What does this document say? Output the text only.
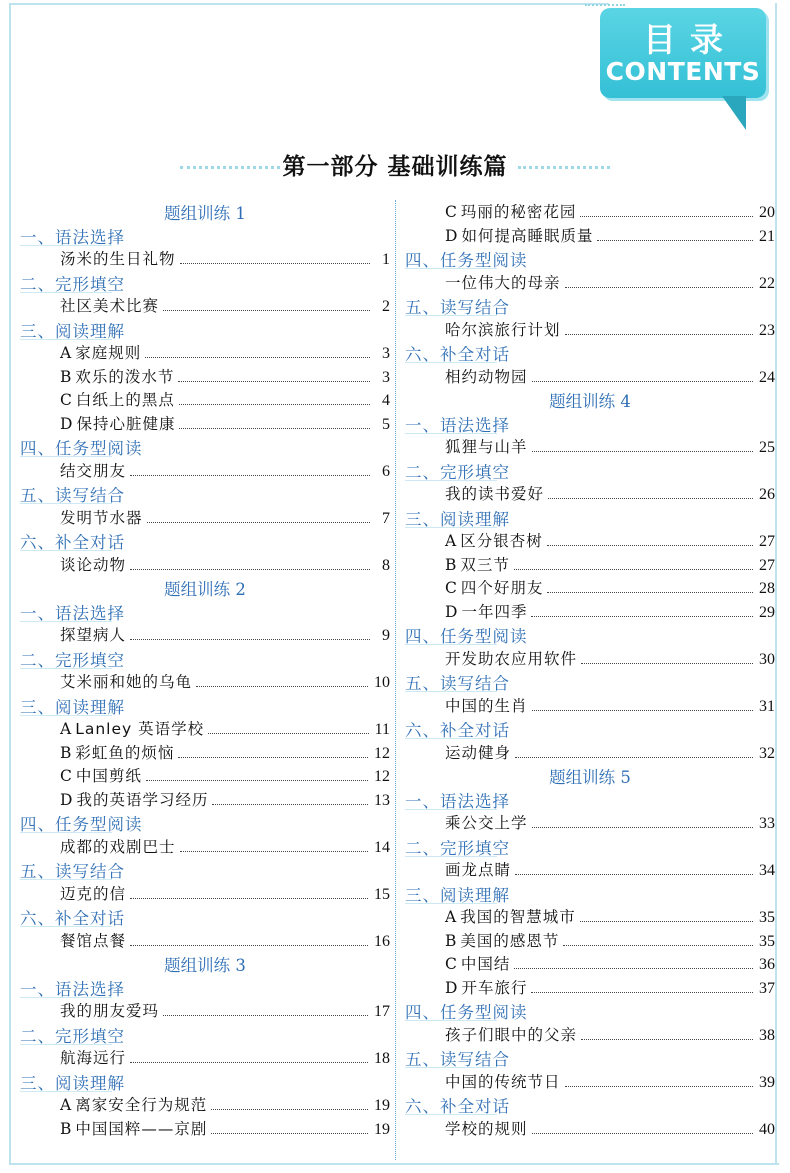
目录
CONTENTS
第一部分 基础训练篇
题组训练 1
一、语法选择
汤米的生日礼物	1
二、完形填空
社区美术比赛	2
三、阅读理解
A 家庭规则	3
B 欢乐的泼水节	3
C 白纸上的黑点	4
D 保持心脏健康	5
四、任务型阅读
结交朋友	6
五、读写结合
发明节水器	7
六、补全对话
谈论动物	8
题组训练 2
一、语法选择
探望病人	9
二、完形填空
艾米丽和她的乌龟	10
三、阅读理解
A Lanley 英语学校	11
B 彩虹鱼的烦恼	12
C 中国剪纸	12
D 我的英语学习经历	13
四、任务型阅读
成都的戏剧巴士	14
五、读写结合
迈克的信	15
六、补全对话
餐馆点餐	16
题组训练 3
一、语法选择
我的朋友爱玛	17
二、完形填空
航海远行	18
三、阅读理解
A 离家安全行为规范	19
B 中国国粹——京剧	19
C 玛丽的秘密花园	20
D 如何提高睡眠质量	21
四、任务型阅读
一位伟大的母亲	22
五、读写结合
哈尔滨旅行计划	23
六、补全对话
相约动物园	24
题组训练 4
一、语法选择
狐狸与山羊	25
二、完形填空
我的读书爱好	26
三、阅读理解
A 区分银杏树	27
B 双三节	27
C 四个好朋友	28
D 一年四季	29
四、任务型阅读
开发助农应用软件	30
五、读写结合
中国的生肖	31
六、补全对话
运动健身	32
题组训练 5
一、语法选择
乘公交上学	33
二、完形填空
画龙点睛	34
三、阅读理解
A 我国的智慧城市	35
B 美国的感恩节	35
C 中国结	36
D 开车旅行	37
四、任务型阅读
孩子们眼中的父亲	38
五、读写结合
中国的传统节日	39
六、补全对话
学校的规则	40
